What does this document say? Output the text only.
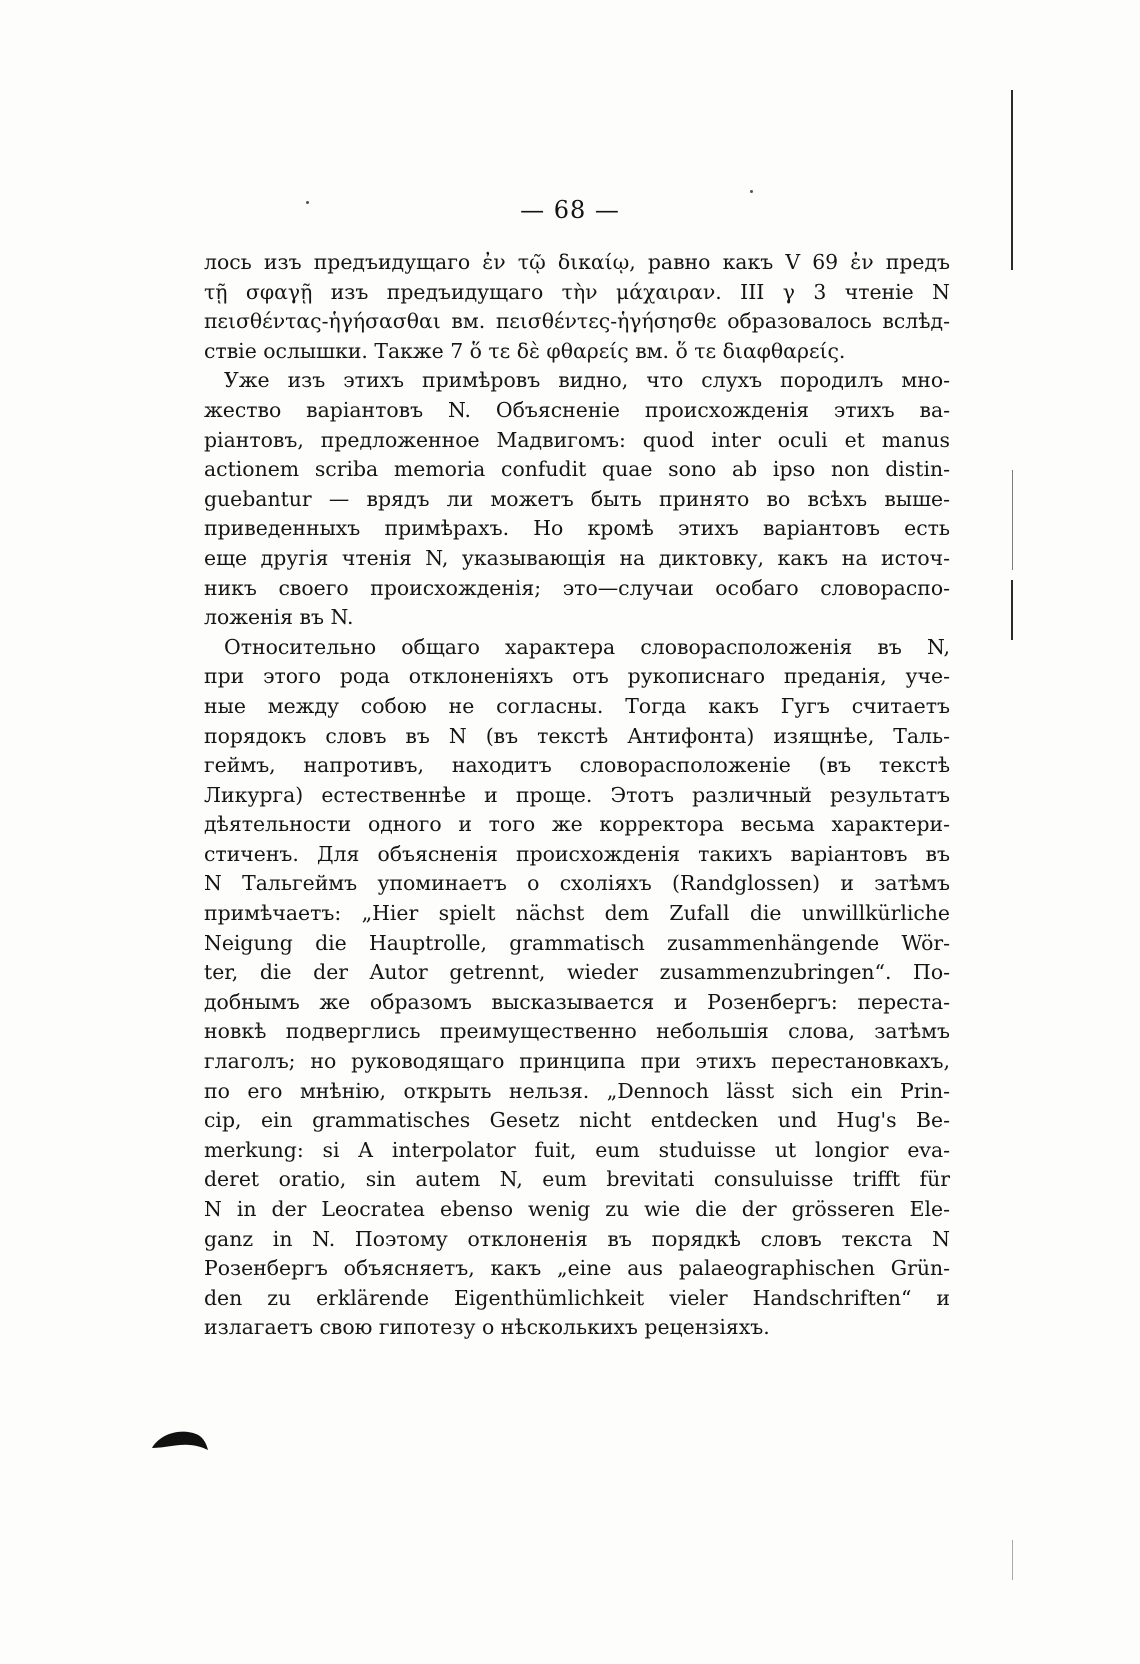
— 68 —

лось изъ предъидущаго ἐν τῷ δικαίῳ, равно какъ V 69 ἐν предъ
τῇ σφαγῇ изъ предъидущаго τὴν μάχαιραν. III γ 3 чтеніе N
πεισθέντας-ἡγήσασθαι вм. πεισθέντες-ἡγήσησθε образовалось вслѣд-
ствіе ослышки. Также 7 ὅ τε δὲ φθαρείς вм. ὅ τε διαφθαρείς.

Уже изъ этихъ примѣровъ видно, что слухъ породилъ мно-
жество варіантовъ N. Объясненіе происхожденія этихъ ва-
ріантовъ, предложенное Мадвигомъ: quod inter oculi et manus
actionem scriba memoria confudit quae sono ab ipso non distin-
guebantur — врядъ ли можетъ быть принято во всѣхъ выше-
приведенныхъ примѣрахъ. Но кромѣ этихъ варіантовъ есть
еще другія чтенія N, указывающія на диктовку, какъ на источ-
никъ своего происхожденія; это—случаи особаго словораспо-
ложенія въ N.

Относительно общаго характера словорасположенія въ N,
при этого рода отклоненіяхъ отъ рукописнаго преданія, уче-
ные между собою не согласны. Тогда какъ Гугъ считаетъ
порядокъ словъ въ N (въ текстѣ Антифонта) изящнѣе, Таль-
геймъ, напротивъ, находитъ словорасположеніе (въ текстѣ
Ликурга) естественнѣе и проще. Этотъ различный результатъ
дѣятельности одного и того же корректора весьма характери-
стиченъ. Для объясненія происхожденія такихъ варіантовъ въ
N Тальгеймъ упоминаетъ о схоліяхъ (Randglossen) и затѣмъ
примѣчаетъ: „Hier spielt nächst dem Zufall die unwillkürliche
Neigung die Hauptrolle, grammatisch zusammenhängende Wör-
ter, die der Autor getrennt, wieder zusammenzubringen“. По-
добнымъ же образомъ высказывается и Розенбергъ: переста-
новкѣ подверглись преимущественно небольшія слова, затѣмъ
глаголъ; но руководящаго принципа при этихъ перестановкахъ,
по его мнѣнію, открыть нельзя. „Dennoch lässt sich ein Prin-
cip, ein grammatisches Gesetz nicht entdecken und Hug's Be-
merkung: si A interpolator fuit, eum studuisse ut longior eva-
deret oratio, sin autem N, eum brevitati consuluisse trifft für
N in der Leocratea ebenso wenig zu wie die der grösseren Ele-
ganz in N. Поэтому отклоненія въ порядкѣ словъ текста N
Розенбергъ объясняетъ, какъ „eine aus palaeographischen Grün-
den zu erklärende Eigenthümlichkeit vieler Handschriften“ и
излагаетъ свою гипотезу о нѣсколькихъ рецензіяхъ.
